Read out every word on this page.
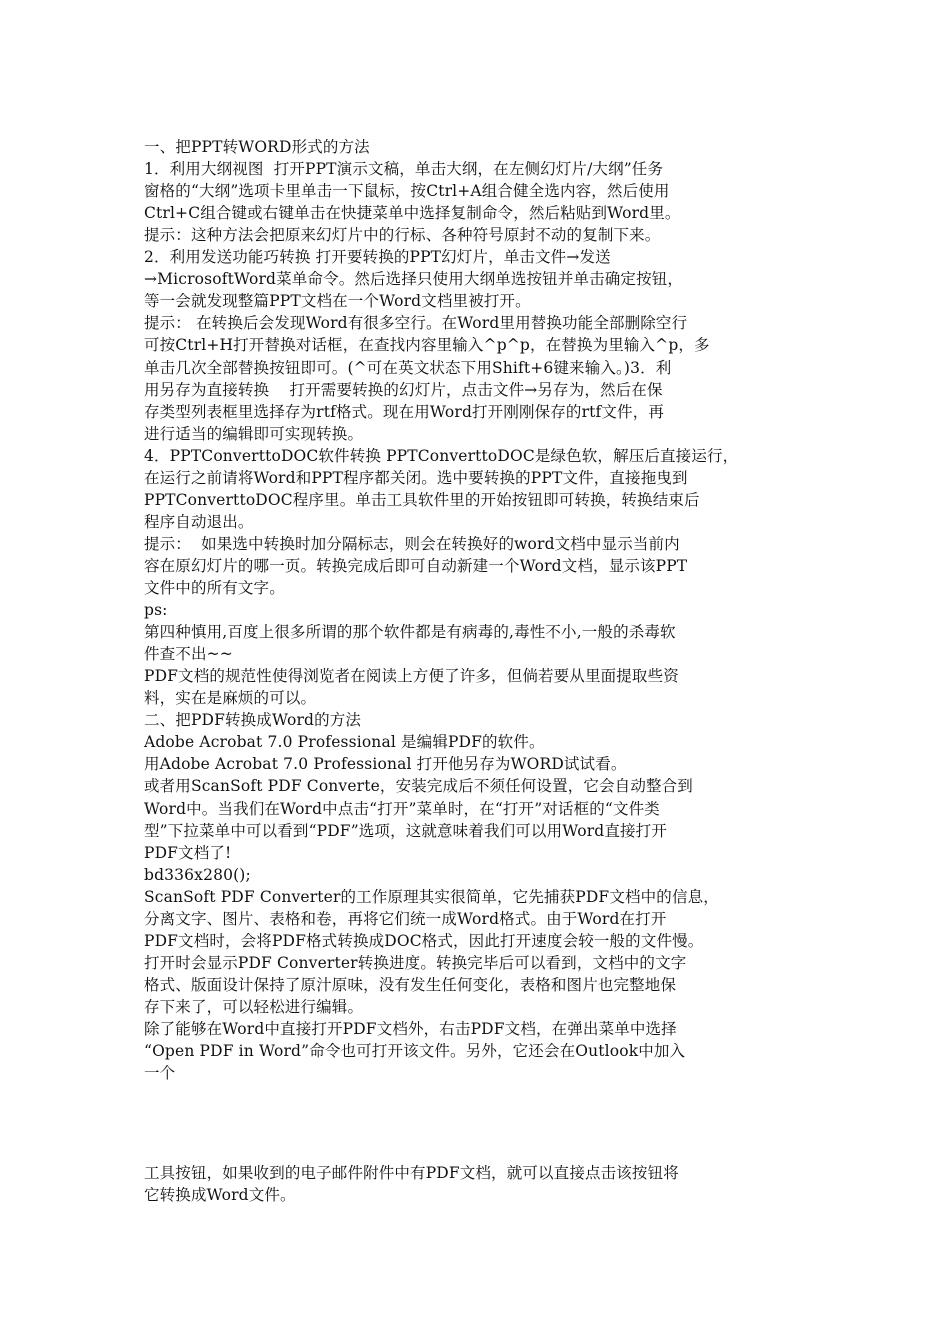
一、把PPT转WORD形式的方法

1．利用大纲视图  打开PPT演示文稿，单击大纲，在左侧幻灯片/大纲”任务

窗格的“大纲”选项卡里单击一下鼠标，按Ctrl+A组合健全选内容，然后使用

Ctrl+C组合键或右键单击在快捷菜单中选择复制命令，然后粘贴到Word里。

提示：这种方法会把原来幻灯片中的行标、各种符号原封不动的复制下来。

2．利用发送功能巧转换 打开要转换的PPT幻灯片，单击文件→发送

→MicrosoftWord菜单命令。然后选择只使用大纲单选按钮并单击确定按钮，

等一会就发现整篇PPT文档在一个Word文档里被打开。

提示： 在转换后会发现Word有很多空行。在Word里用替换功能全部删除空行

可按Ctrl+H打开替换对话框，在查找内容里输入^p^p，在替换为里输入^p，多

单击几次全部替换按钮即可。(^可在英文状态下用Shift+6键来输入。)3．利

用另存为直接转换    打开需要转换的幻灯片，点击文件→另存为，然后在保

存类型列表框里选择存为rtf格式。现在用Word打开刚刚保存的rtf文件，再

进行适当的编辑即可实现转换。

4．PPTConverttoDOC软件转换 PPTConverttoDOC是绿色软，解压后直接运行，

在运行之前请将Word和PPT程序都关闭。选中要转换的PPT文件，直接拖曳到

PPTConverttoDOC程序里。单击工具软件里的开始按钮即可转换，转换结束后

程序自动退出。

提示：  如果选中转换时加分隔标志，则会在转换好的word文档中显示当前内

容在原幻灯片的哪一页。转换完成后即可自动新建一个Word文档，显示该PPT

文件中的所有文字。

ps:

第四种慎用,百度上很多所谓的那个软件都是有病毒的,毒性不小,一般的杀毒软

件查不出~~

PDF文档的规范性使得浏览者在阅读上方便了许多，但倘若要从里面提取些资

料，实在是麻烦的可以。

二、把PDF转换成Word的方法

Adobe Acrobat 7.0 Professional 是编辑PDF的软件。

用Adobe Acrobat 7.0 Professional 打开他另存为WORD试试看。

或者用ScanSoft PDF Converte，安装完成后不须任何设置，它会自动整合到

Word中。当我们在Word中点击“打开”菜单时，在“打开”对话框的“文件类

型”下拉菜单中可以看到“PDF”选项，这就意味着我们可以用Word直接打开

PDF文档了!

bd336x280();

ScanSoft PDF Converter的工作原理其实很简单，它先捕获PDF文档中的信息，

分离文字、图片、表格和卷，再将它们统一成Word格式。由于Word在打开

PDF文档时，会将PDF格式转换成DOC格式，因此打开速度会较一般的文件慢。

打开时会显示PDF Converter转换进度。转换完毕后可以看到，文档中的文字

格式、版面设计保持了原汁原味，没有发生任何变化，表格和图片也完整地保

存下来了，可以轻松进行编辑。

除了能够在Word中直接打开PDF文档外，右击PDF文档，在弹出菜单中选择

“Open PDF in Word”命令也可打开该文件。另外，它还会在Outlook中加入

一个

工具按钮，如果收到的电子邮件附件中有PDF文档，就可以直接点击该按钮将

它转换成Word文件。
